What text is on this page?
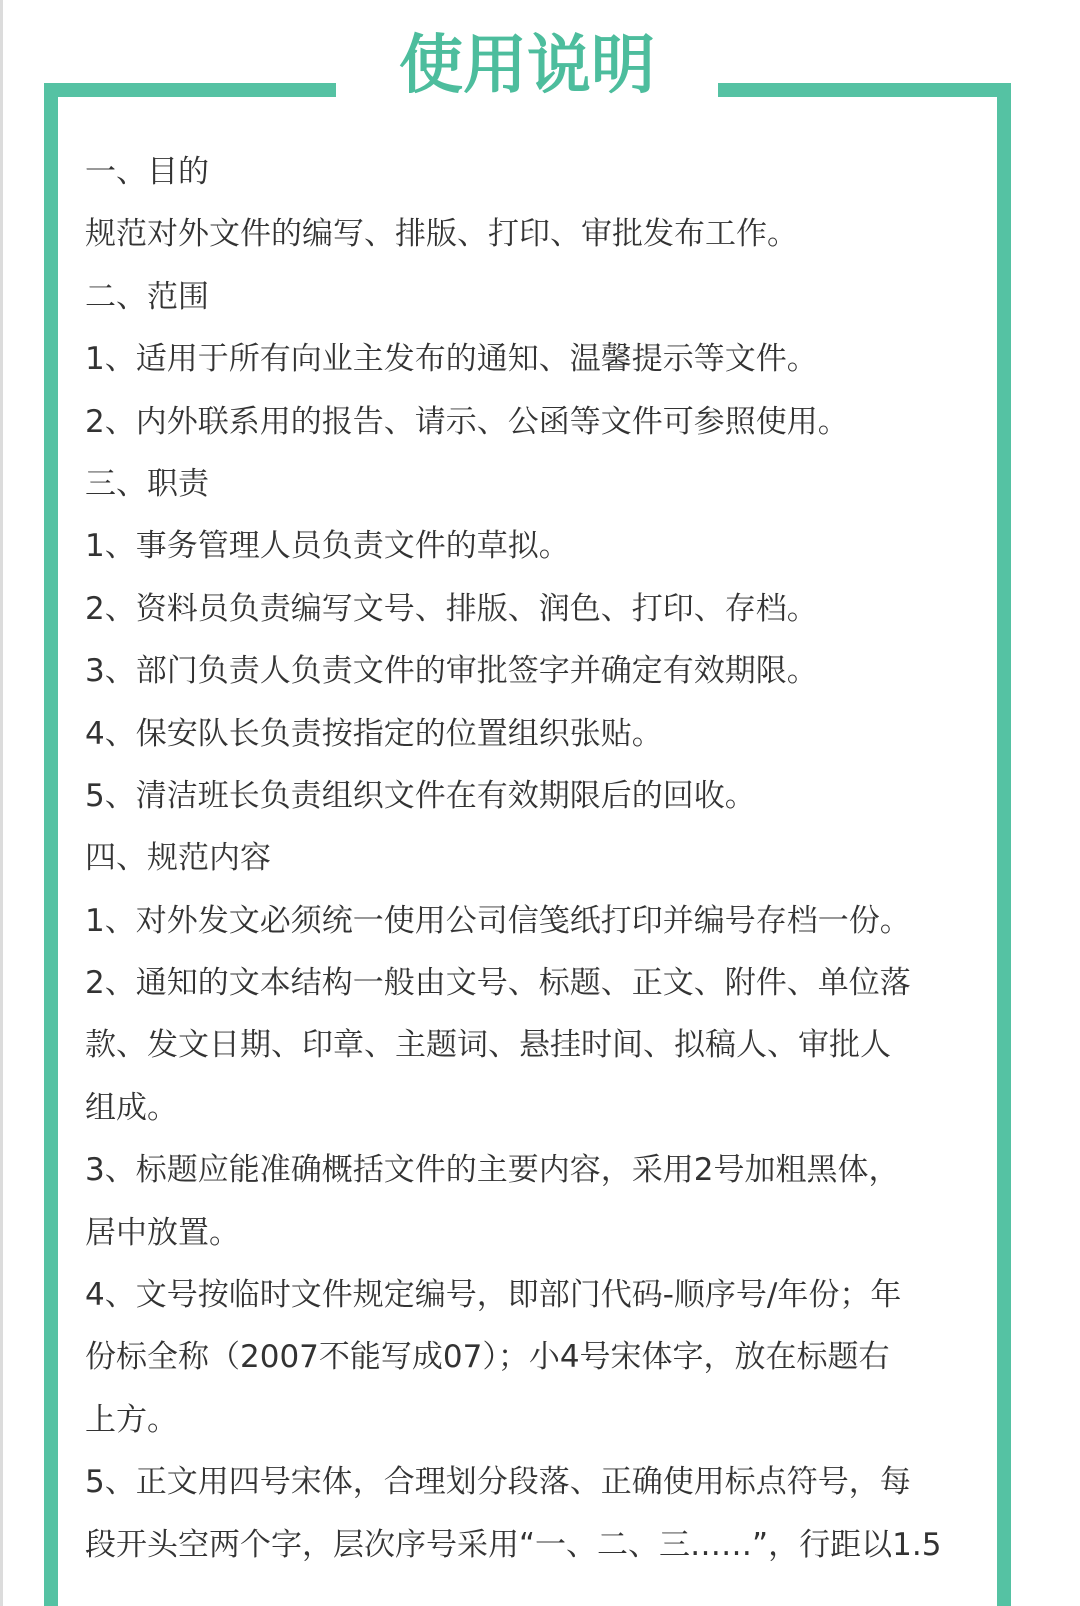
使用说明
一、目的
规范对外文件的编写、排版、打印、审批发布工作。
二、范围
1、适用于所有向业主发布的通知、温馨提示等文件。
2、内外联系用的报告、请示、公函等文件可参照使用。
三、职责
1、事务管理人员负责文件的草拟。
2、资料员负责编写文号、排版、润色、打印、存档。
3、部门负责人负责文件的审批签字并确定有效期限。
4、保安队长负责按指定的位置组织张贴。
5、清洁班长负责组织文件在有效期限后的回收。
四、规范内容
1、对外发文必须统一使用公司信笺纸打印并编号存档一份。
2、通知的文本结构一般由文号、标题、正文、附件、单位落
款、发文日期、印章、主题词、悬挂时间、拟稿人、审批人
组成。
3、标题应能准确概括文件的主要内容，采用2号加粗黑体，
居中放置。
4、文号按临时文件规定编号，即部门代码-顺序号/年份；年
份标全称（2007不能写成07）；小4号宋体字，放在标题右
上方。
5、正文用四号宋体，合理划分段落、正确使用标点符号，每
段开头空两个字，层次序号采用“一、二、三……”，行距以1.5
